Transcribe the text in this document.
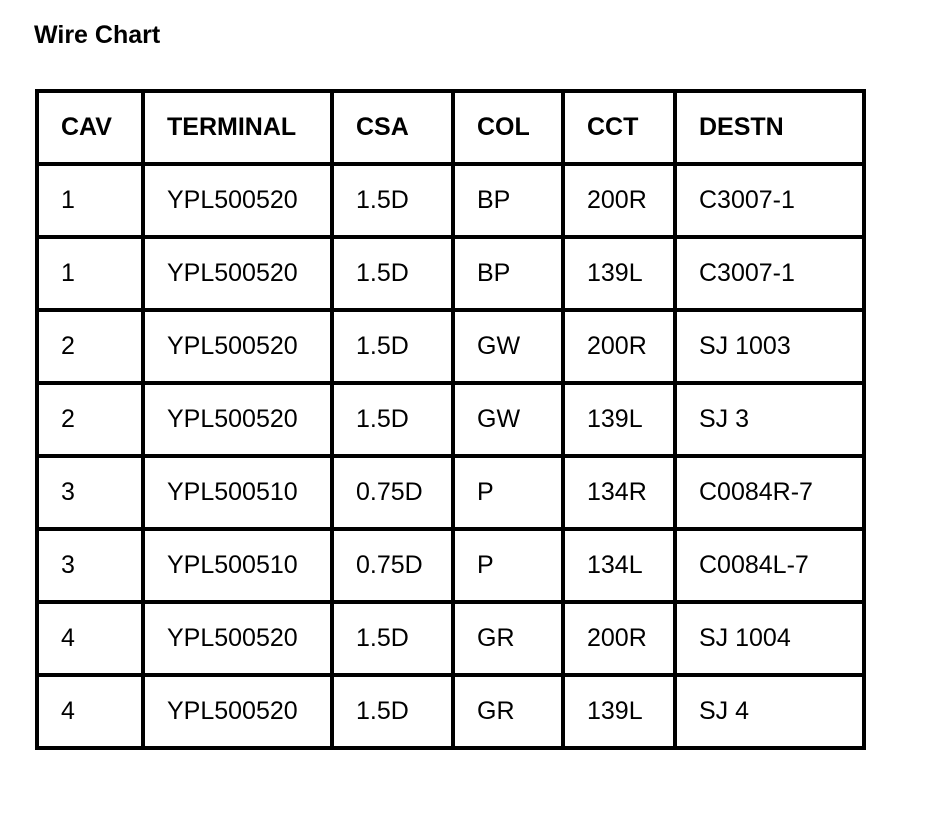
Wire Chart
CAV	TERMINAL	CSA	COL	CCT	DESTN
1	YPL500520	1.5D	BP	200R	C3007-1
1	YPL500520	1.5D	BP	139L	C3007-1
2	YPL500520	1.5D	GW	200R	SJ 1003
2	YPL500520	1.5D	GW	139L	SJ 3
3	YPL500510	0.75D	P	134R	C0084R-7
3	YPL500510	0.75D	P	134L	C0084L-7
4	YPL500520	1.5D	GR	200R	SJ 1004
4	YPL500520	1.5D	GR	139L	SJ 4
